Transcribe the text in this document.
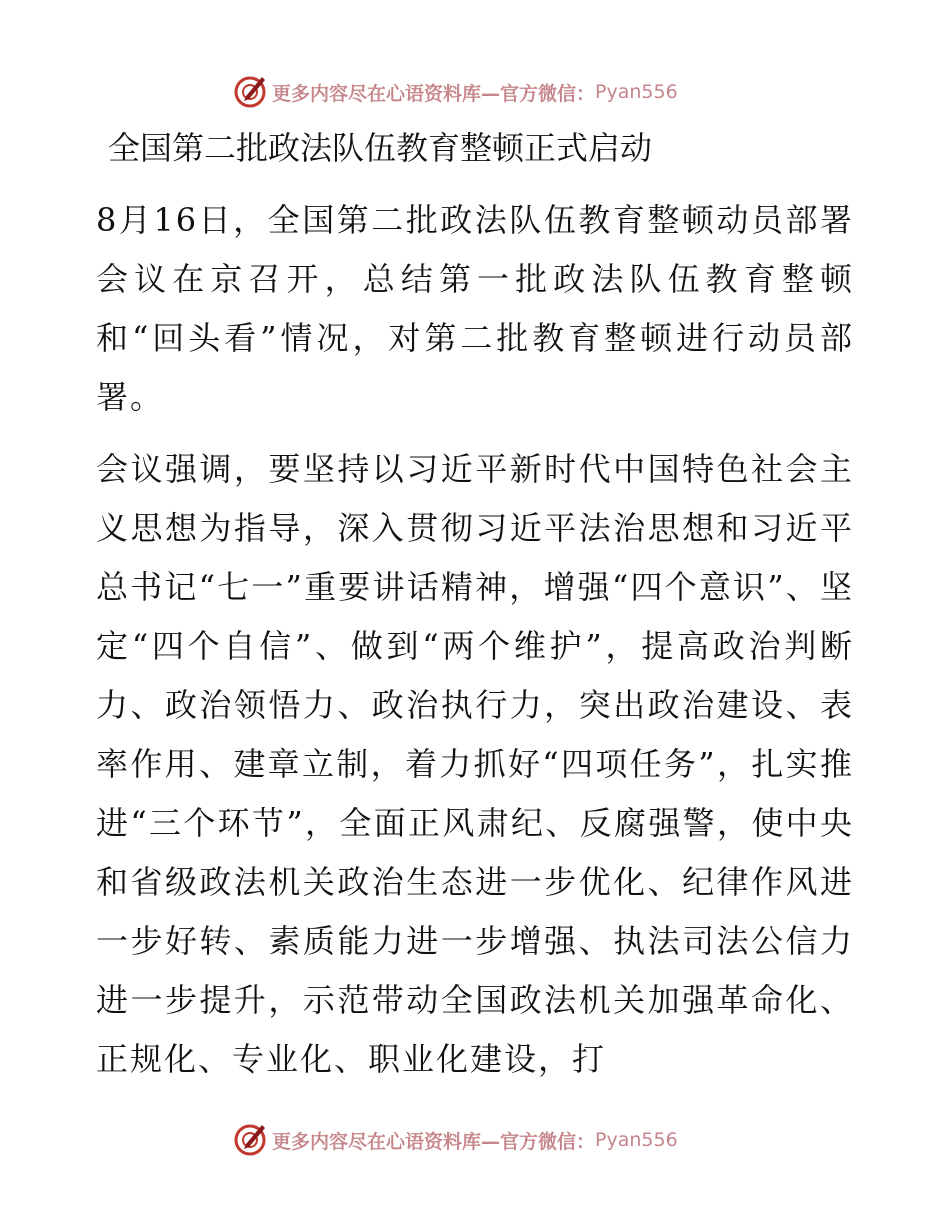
更多内容尽在心语资料库—官方微信： Pyan556
全国第二批政法队伍教育整顿正式启动

8月16日，全国第二批政法队伍教育整顿动员部署会议在京召开，总结第一批政法队伍教育整顿和“回头看”情况，对第二批教育整顿进行动员部署。

会议强调，要坚持以习近平新时代中国特色社会主义思想为指导，深入贯彻习近平法治思想和习近平总书记“七一”重要讲话精神，增强“四个意识”、坚定“四个自信”、做到“两个维护”，提高政治判断力、政治领悟力、政治执行力，突出政治建设、表率作用、建章立制，着力抓好“四项任务”，扎实推进“三个环节”，全面正风肃纪、反腐强警，使中央和省级政法机关政治生态进一步优化、纪律作风进一步好转、素质能力进一步增强、执法司法公信力进一步提升，示范带动全国政法机关加强革命化、正规化、专业化、职业化建设，打

更多内容尽在心语资料库—官方微信： Pyan556
